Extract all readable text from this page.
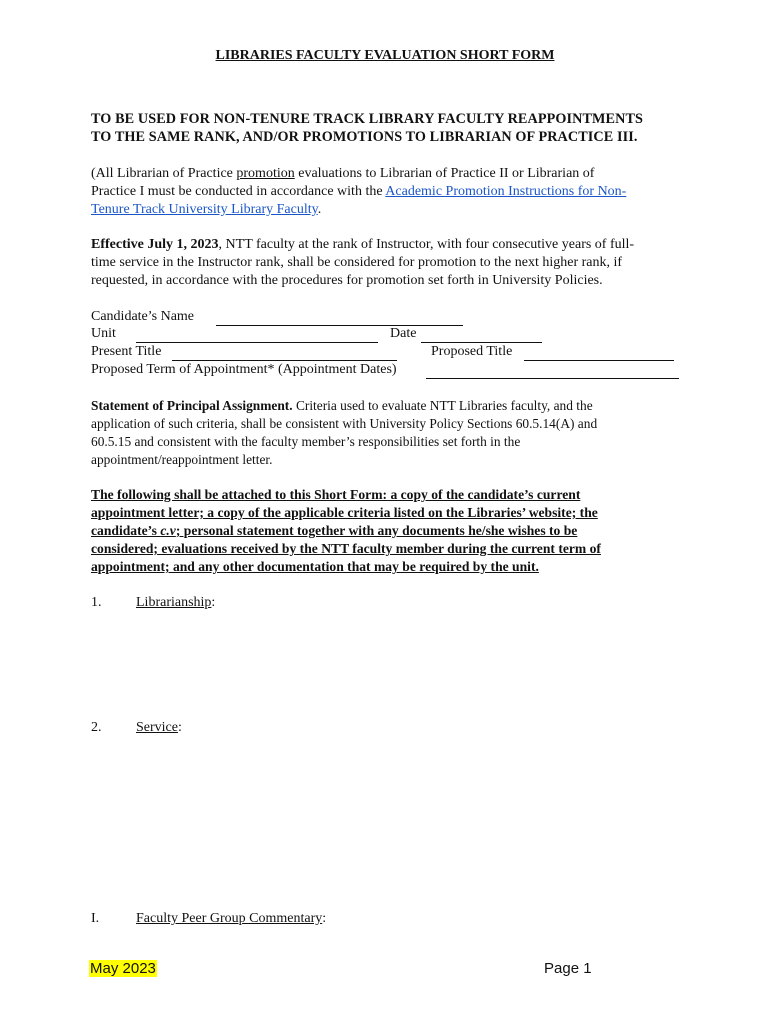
LIBRARIES FACULTY EVALUATION SHORT FORM
TO BE USED FOR NON-TENURE TRACK LIBRARY FACULTY REAPPOINTMENTS
TO THE SAME RANK, AND/OR PROMOTIONS TO LIBRARIAN OF PRACTICE III.
(All Librarian of Practice promotion evaluations to Librarian of Practice II or Librarian of
Practice I must be conducted in accordance with the Academic Promotion Instructions for Non-
Tenure Track University Library Faculty.
Effective July 1, 2023, NTT faculty at the rank of Instructor, with four consecutive years of full-
time service in the Instructor rank, shall be considered for promotion to the next higher rank, if
requested, in accordance with the procedures for promotion set forth in University Policies.
Candidate’s Name
Unit	Date
Present Title	Proposed Title
Proposed Term of Appointment* (Appointment Dates)
Statement of Principal Assignment. Criteria used to evaluate NTT Libraries faculty, and the
application of such criteria, shall be consistent with University Policy Sections 60.5.14(A) and
60.5.15 and consistent with the faculty member’s responsibilities set forth in the
appointment/reappointment letter.
The following shall be attached to this Short Form: a copy of the candidate’s current
appointment letter; a copy of the applicable criteria listed on the Libraries’ website; the
candidate’s c.v; personal statement together with any documents he/she wishes to be
considered; evaluations received by the NTT faculty member during the current term of
appointment; and any other documentation that may be required by the unit.
1. Librarianship:
2. Service:
I.	Faculty Peer Group Commentary:
May 2023	Page 1
